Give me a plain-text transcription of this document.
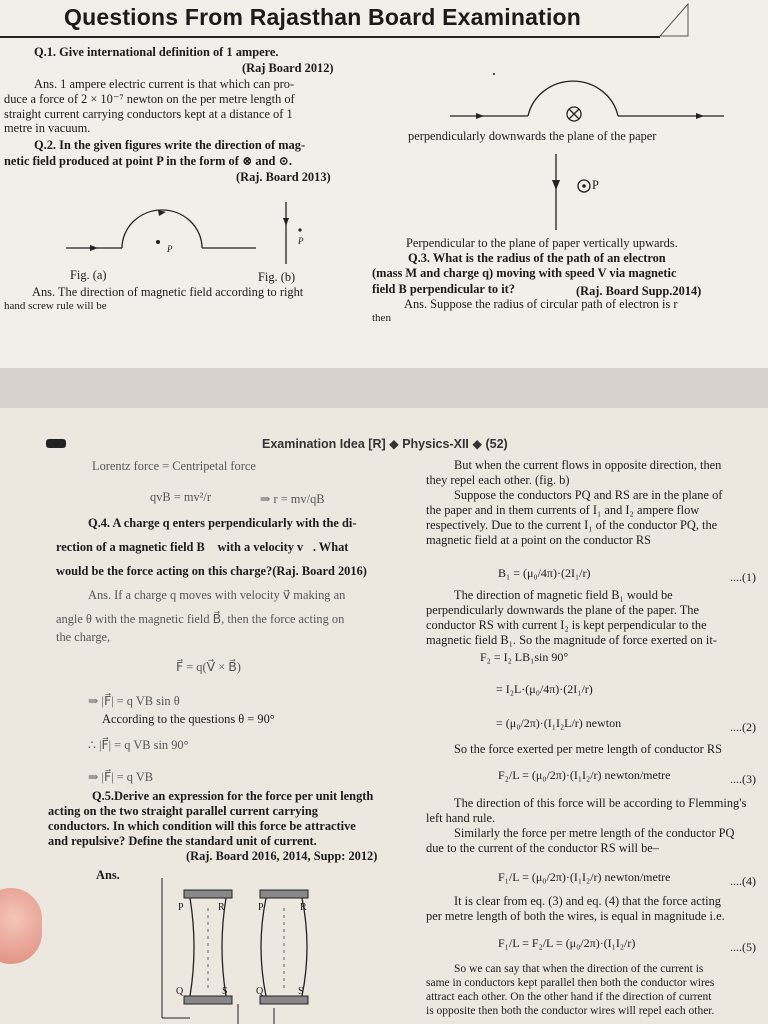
Questions From Rajasthan Board Examination
Q.1. Give international definition of 1 ampere.
(Raj Board 2012)
Ans. 1 ampere electric current is that which can pro-
duce a force of 2 × 10⁻⁷ newton on the per metre length of
straight current carrying conductors kept at a distance of 1
metre in vacuum.
Q.2. In the given figures write the direction of mag-
netic field produced at point P in the form of ⊗ and ⊙.
(Raj. Board 2013)
P
P
Fig. (a)	Fig. (b)
Ans. The direction of magnetic field according to right
hand screw rule will be
perpendicularly downwards the plane of the paper
P
Perpendicular to the plane of paper vertically upwards.
Q.3. What is the radius of the path of an electron
(mass M and charge q) moving with speed V via magnetic
field B perpendicular to it?	(Raj. Board Supp.2014)
Ans. Suppose the radius of circular path of electron is r
then
Examination Idea [R] ◆ Physics-XII ◆ (52)
Lorentz force = Centripetal force
qvB = mv²/r	⇒ r = mv/qB
Q.4. A charge q enters perpendicularly with the di-
rection of a magnetic field B⃗ with a velocity v⃗. What
would be the force acting on this charge?(Raj. Board 2016)
Ans. If a charge q moves with velocity v⃗ making an
angle θ with the magnetic field B⃗, then the force acting on
the charge,
F⃗ = q(V⃗ × B⃗)
⇒ |F⃗| = q VB sin θ
According to the questions θ = 90°
∴ |F⃗| = q VB sin 90°
⇒ |F⃗| = q VB
Q.5.Derive an expression for the force per unit length
acting on the two straight parallel current carrying
conductors. In which condition will this force be attractive
and repulsive? Define the standard unit of current.
(Raj. Board 2016, 2014, Supp: 2012)
Ans.
P	R	P	R
Q	S	Q	S
But when the current flows in opposite direction, then
they repel each other. (fig. b)
Suppose the conductors PQ and RS are in the plane of
the paper and in them currents of I₁ and I₂ ampere flow
respectively. Due to the current I₁ of the conductor PQ, the
magnetic field at a point on the conductor RS
B₁ = (μ₀/4π)·(2I₁/r)	....(1)
The direction of magnetic field B₁ would be
perpendicularly downwards the plane of the paper. The
conductor RS with current I₂ is kept perpendicular to the
magnetic field B₁. So the magnitude of force exerted on it-
F₂ = I₂ LB₁sin 90°
= I₂L·(μ₀/4π)·(2I₁/r)
= (μ₀/2π)·(I₁I₂L/r) newton	....(2)
So the force exerted per metre length of conductor RS
F₂/L = (μ₀/2π)·(I₁I₂/r) newton/metre	....(3)
The direction of this force will be according to Flemming's
left hand rule.
Similarly the force per metre length of the conductor PQ
due to the current of the conductor RS will be–
F₁/L = (μ₀/2π)·(I₁I₂/r) newton/metre	....(4)
It is clear from eq. (3) and eq. (4) that the force acting
per metre length of both the wires, is equal in magnitude i.e.
F₁/L = F₂/L = (μ₀/2π)·(I₁I₂/r)	....(5)
So we can say that when the direction of the current is
same in conductors kept parallel then both the conductor wires
attract each other. On the other hand if the direction of current
is opposite then both the conductor wires will repel each other.
